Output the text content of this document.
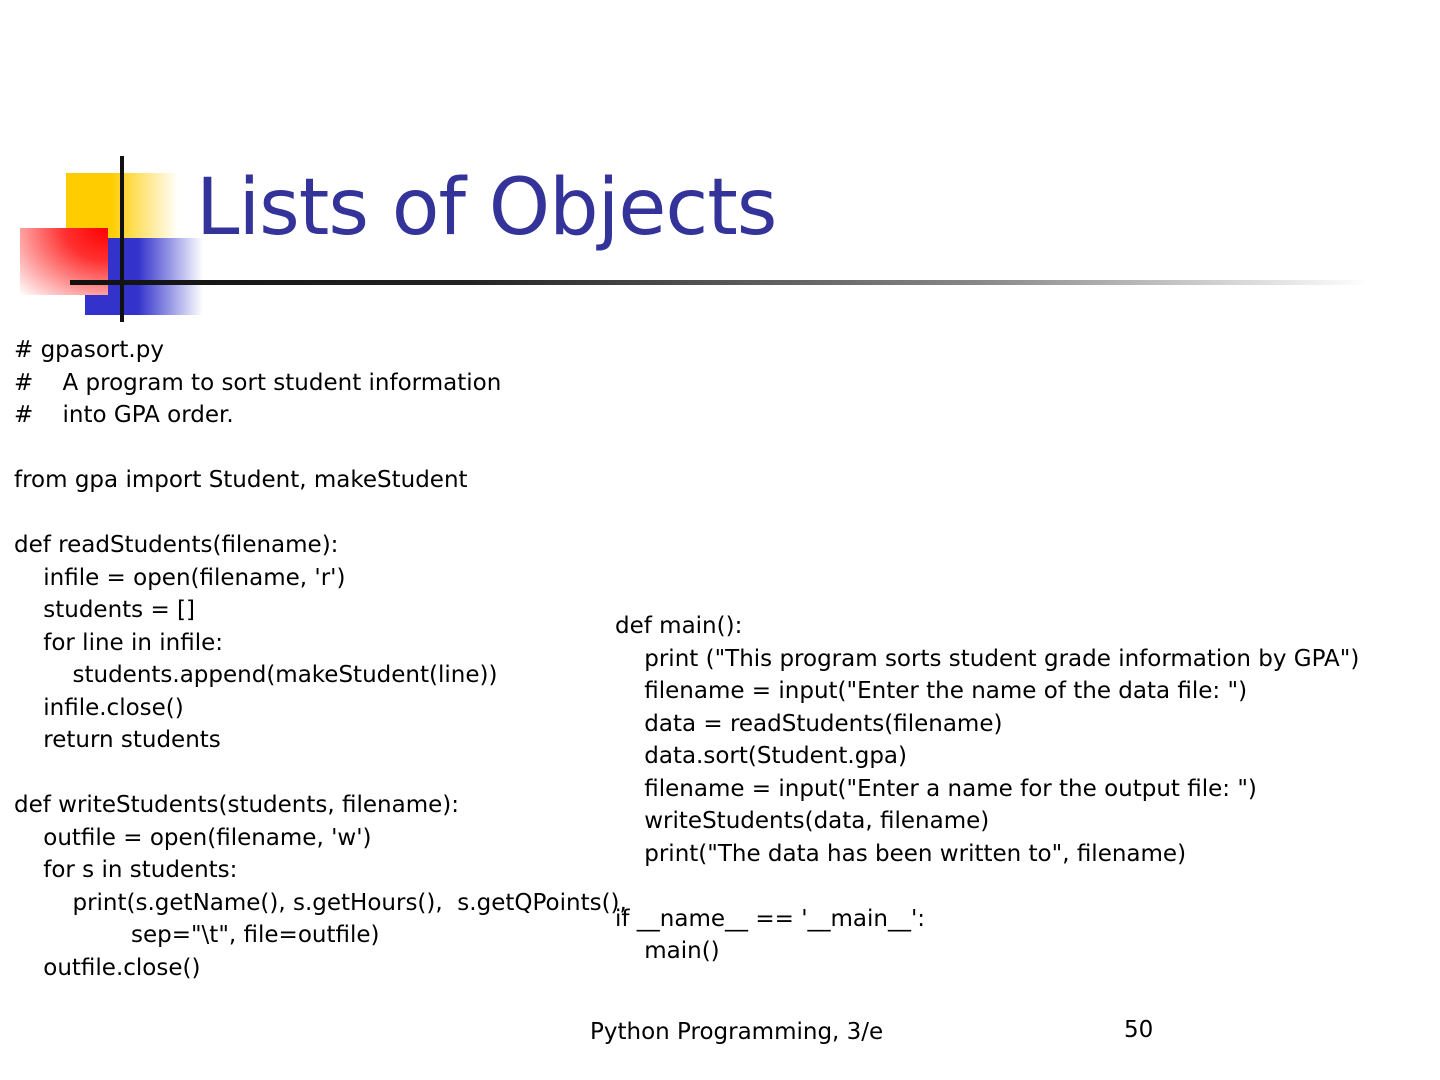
Lists of Objects
# gpasort.py
#    A program to sort student information
#    into GPA order.

from gpa import Student, makeStudent

def readStudents(filename):
infile = open(filename, 'r')
students = []
for line in infile:
students.append(makeStudent(line))
infile.close()
return students

def writeStudents(students, filename):
outfile = open(filename, 'w')
for s in students:
print(s.getName(), s.getHours(),  s.getQPoints(),
sep="\t", file=outfile)
outfile.close()
def main():
print ("This program sorts student grade information by GPA")
filename = input("Enter the name of the data file: ")
data = readStudents(filename)
data.sort(Student.gpa)
filename = input("Enter a name for the output file: ")
writeStudents(data, filename)
print("The data has been written to", filename)

if __name__ == '__main__':
main()
Python Programming, 3/e	50
